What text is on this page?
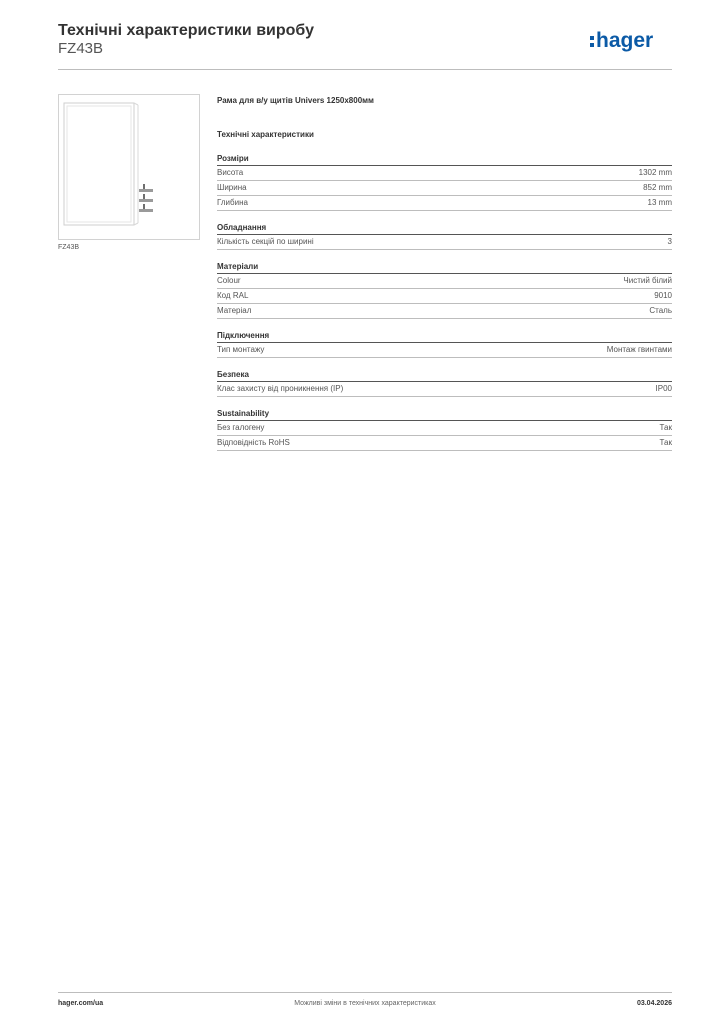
Технічні характеристики виробу
FZ43B	hager
FZ43B
Рама для в/у щитів Univers 1250x800мм
Технічні характеристики
Розміри
Висота	1302 mm
Ширина	852 mm
Глибина	13 mm
Обладнання
Кількість секцій по ширині	3
Матеріали
Colour	Чистий білий
Код RAL	9010
Матеріал	Сталь
Підключення
Тип монтажу	Монтаж гвинтами
Безпека
Клас захисту від проникнення (IP)	IP00
Sustainability
Без галогену	Так
Відповідність RoHS	Так
hager.com/ua	Можливі зміни в технічних характеристиках	03.04.2026
